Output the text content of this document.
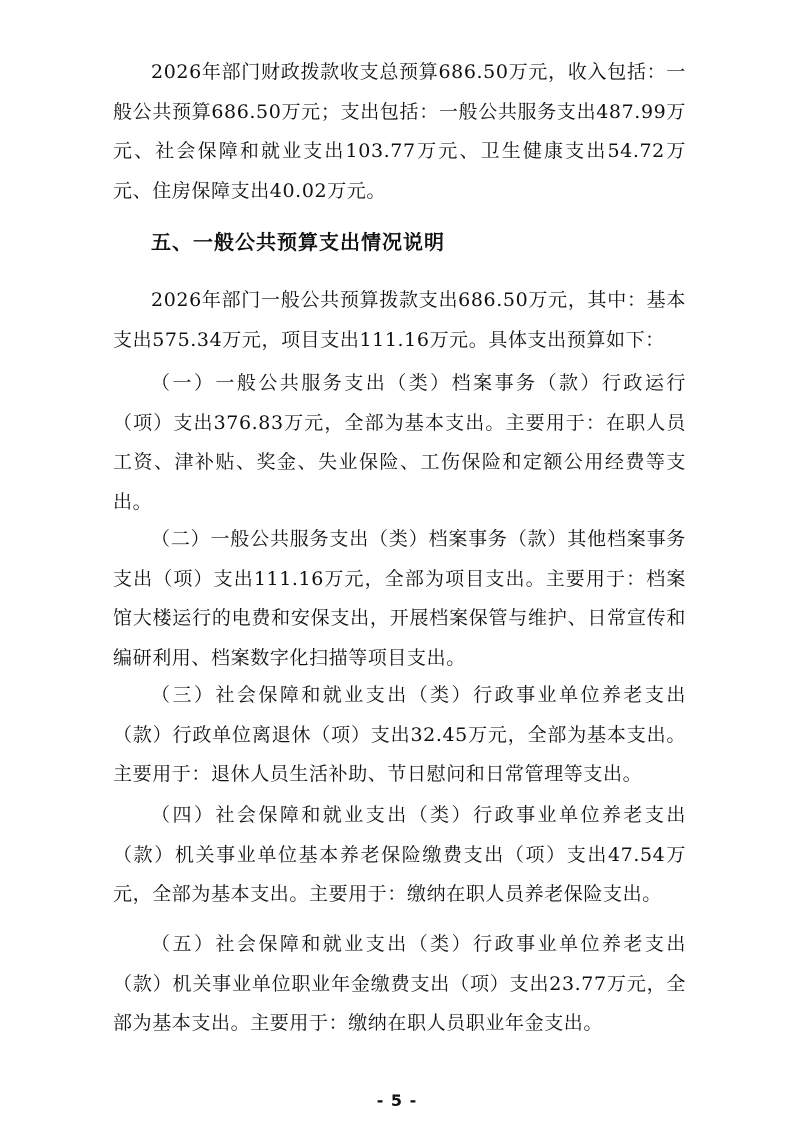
2026年部门财政拨款收支总预算686.50万元，收入包括：一般公共预算686.50万元；支出包括：一般公共服务支出487.99万元、社会保障和就业支出103.77万元、卫生健康支出54.72万元、住房保障支出40.02万元。

五、一般公共预算支出情况说明

2026年部门一般公共预算拨款支出686.50万元，其中：基本支出575.34万元，项目支出111.16万元。具体支出预算如下：

（一）一般公共服务支出（类）档案事务（款）行政运行（项）支出376.83万元，全部为基本支出。主要用于：在职人员工资、津补贴、奖金、失业保险、工伤保险和定额公用经费等支出。

（二）一般公共服务支出（类）档案事务（款）其他档案事务支出（项）支出111.16万元，全部为项目支出。主要用于：档案馆大楼运行的电费和安保支出，开展档案保管与维护、日常宣传和编研利用、档案数字化扫描等项目支出。

（三）社会保障和就业支出（类）行政事业单位养老支出（款）行政单位离退休（项）支出32.45万元，全部为基本支出。主要用于：退休人员生活补助、节日慰问和日常管理等支出。

（四）社会保障和就业支出（类）行政事业单位养老支出（款）机关事业单位基本养老保险缴费支出（项）支出47.54万元，全部为基本支出。主要用于：缴纳在职人员养老保险支出。

（五）社会保障和就业支出（类）行政事业单位养老支出（款）机关事业单位职业年金缴费支出（项）支出23.77万元，全部为基本支出。主要用于：缴纳在职人员职业年金支出。

- 5 -
